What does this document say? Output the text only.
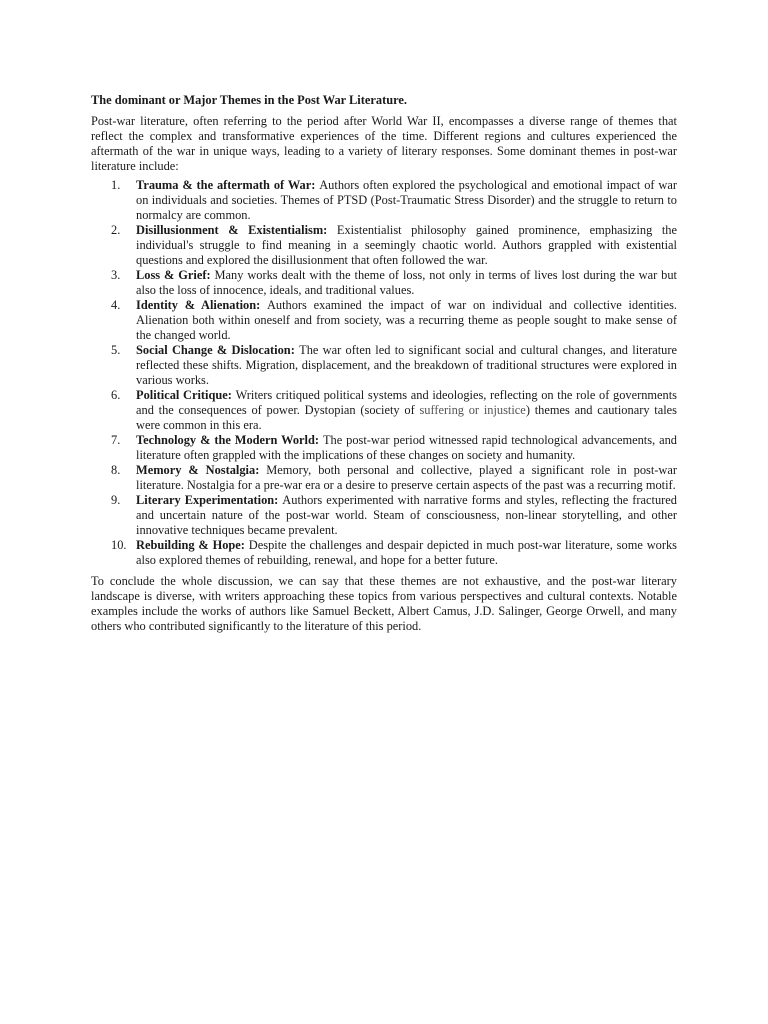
The dominant or Major Themes in the Post War Literature.

Post-war literature, often referring to the period after World War II, encompasses a diverse range of themes that reflect the complex and transformative experiences of the time. Different regions and cultures experienced the aftermath of the war in unique ways, leading to a variety of literary responses. Some dominant themes in post-war literature include:

1. Trauma & the aftermath of War: Authors often explored the psychological and emotional impact of war on individuals and societies. Themes of PTSD (Post-Traumatic Stress Disorder) and the struggle to return to normalcy are common.
2. Disillusionment & Existentialism: Existentialist philosophy gained prominence, emphasizing the individual's struggle to find meaning in a seemingly chaotic world. Authors grappled with existential questions and explored the disillusionment that often followed the war.
3. Loss & Grief: Many works dealt with the theme of loss, not only in terms of lives lost during the war but also the loss of innocence, ideals, and traditional values.
4. Identity & Alienation: Authors examined the impact of war on individual and collective identities. Alienation both within oneself and from society, was a recurring theme as people sought to make sense of the changed world.
5. Social Change & Dislocation: The war often led to significant social and cultural changes, and literature reflected these shifts. Migration, displacement, and the breakdown of traditional structures were explored in various works.
6. Political Critique: Writers critiqued political systems and ideologies, reflecting on the role of governments and the consequences of power. Dystopian (society of suffering or injustice) themes and cautionary tales were common in this era.
7. Technology & the Modern World: The post-war period witnessed rapid technological advancements, and literature often grappled with the implications of these changes on society and humanity.
8. Memory & Nostalgia: Memory, both personal and collective, played a significant role in post-war literature. Nostalgia for a pre-war era or a desire to preserve certain aspects of the past was a recurring motif.
9. Literary Experimentation: Authors experimented with narrative forms and styles, reflecting the fractured and uncertain nature of the post-war world. Steam of consciousness, non-linear storytelling, and other innovative techniques became prevalent.
10. Rebuilding & Hope: Despite the challenges and despair depicted in much post-war literature, some works also explored themes of rebuilding, renewal, and hope for a better future.

To conclude the whole discussion, we can say that these themes are not exhaustive, and the post-war literary landscape is diverse, with writers approaching these topics from various perspectives and cultural contexts. Notable examples include the works of authors like Samuel Beckett, Albert Camus, J.D. Salinger, George Orwell, and many others who contributed significantly to the literature of this period.
